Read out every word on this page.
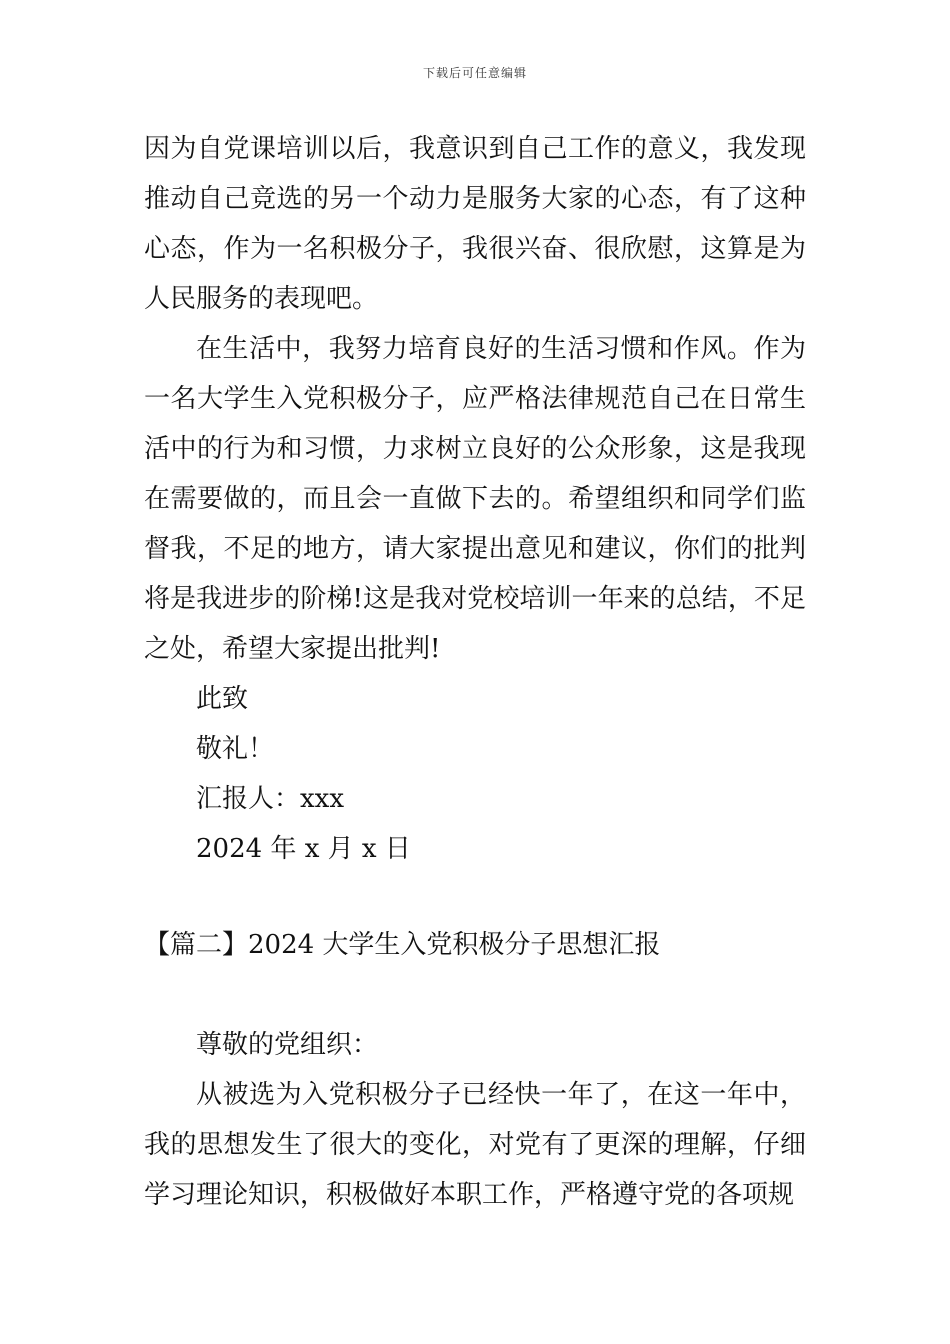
下载后可任意编辑

因为自党课培训以后，我意识到自己工作的意义，我发现推动自己竞选的另一个动力是服务大家的心态，有了这种心态，作为一名积极分子，我很兴奋、很欣慰，这算是为人民服务的表现吧。

在生活中，我努力培育良好的生活习惯和作风。作为一名大学生入党积极分子，应严格法律规范自己在日常生活中的行为和习惯，力求树立良好的公众形象，这是我现在需要做的，而且会一直做下去的。希望组织和同学们监督我，不足的地方，请大家提出意见和建议，你们的批判将是我进步的阶梯!这是我对党校培训一年来的总结，不足之处，希望大家提出批判!

此致

敬礼！

汇报人：xxx

2024 年 x 月 x 日

【篇二】2024 大学生入党积极分子思想汇报

尊敬的党组织：

从被选为入党积极分子已经快一年了，在这一年中，我的思想发生了很大的变化，对党有了更深的理解，仔细学习理论知识，积极做好本职工作，严格遵守党的各项规
